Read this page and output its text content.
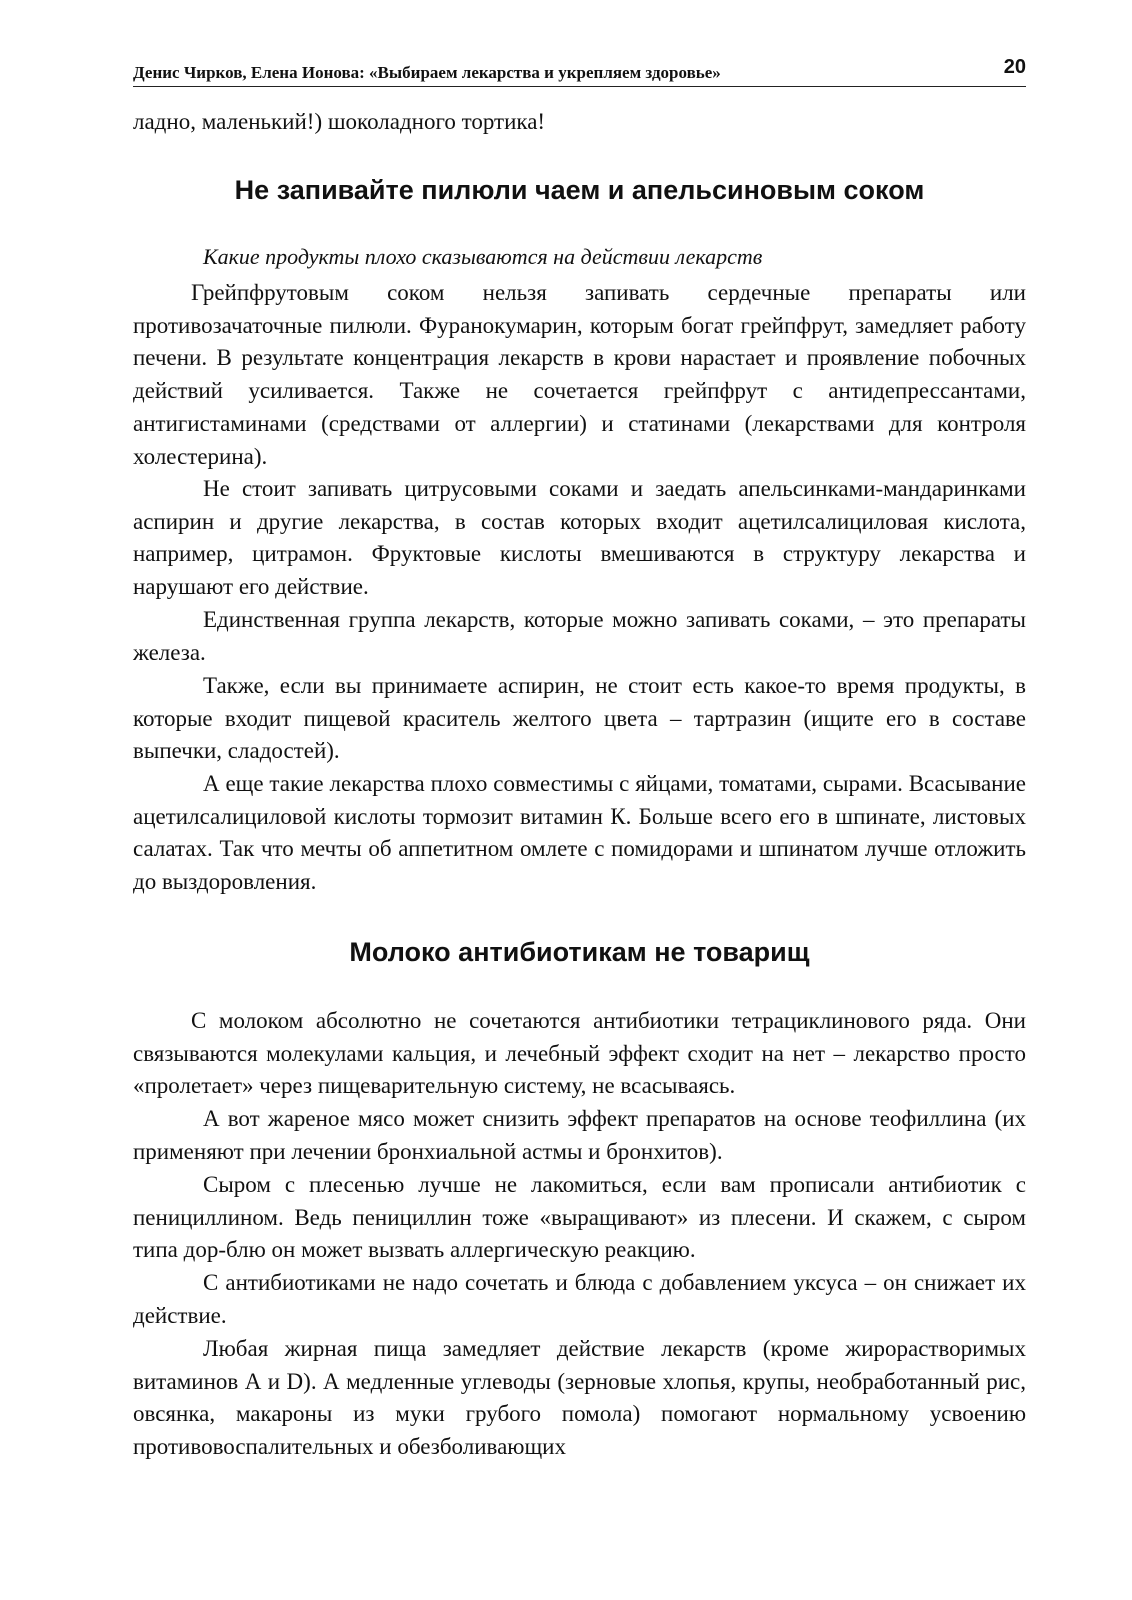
Денис Чирков, Елена Ионова: «Выбираем лекарства и укрепляем здоровье»	20

ладно, маленький!) шоколадного тортика!

Не запивайте пилюли чаем и апельсиновым соком

Какие продукты плохо сказываются на действии лекарств

Грейпфрутовым соком нельзя запивать сердечные препараты или противозачаточные пилюли. Фуранокумарин, которым богат грейпфрут, замедляет работу печени. В результате концентрация лекарств в крови нарастает и проявление побочных действий усиливается. Также не сочетается грейпфрут с антидепрессантами, антигистаминами (средствами от аллергии) и статинами (лекарствами для контроля холестерина).

Не стоит запивать цитрусовыми соками и заедать апельсинками-мандаринками аспирин и другие лекарства, в состав которых входит ацетилсалициловая кислота, например, цитрамон. Фруктовые кислоты вмешиваются в структуру лекарства и нарушают его действие.

Единственная группа лекарств, которые можно запивать соками, – это препараты железа.

Также, если вы принимаете аспирин, не стоит есть какое-то время продукты, в которые входит пищевой краситель желтого цвета – тартразин (ищите его в составе выпечки, сладостей).

А еще такие лекарства плохо совместимы с яйцами, томатами, сырами. Всасывание ацетилсалициловой кислоты тормозит витамин К. Больше всего его в шпинате, листовых салатах. Так что мечты об аппетитном омлете с помидорами и шпинатом лучше отложить до выздоровления.

Молоко антибиотикам не товарищ

С молоком абсолютно не сочетаются антибиотики тетрациклинового ряда. Они связываются молекулами кальция, и лечебный эффект сходит на нет – лекарство просто «пролетает» через пищеварительную систему, не всасываясь.

А вот жареное мясо может снизить эффект препаратов на основе теофиллина (их применяют при лечении бронхиальной астмы и бронхитов).

Сыром с плесенью лучше не лакомиться, если вам прописали антибиотик с пенициллином. Ведь пенициллин тоже «выращивают» из плесени. И скажем, с сыром типа дор-блю он может вызвать аллергическую реакцию.

С антибиотиками не надо сочетать и блюда с добавлением уксуса – он снижает их действие.

Любая жирная пища замедляет действие лекарств (кроме жирорастворимых витаминов А и D). А медленные углеводы (зерновые хлопья, крупы, необработанный рис, овсянка, макароны из муки грубого помола) помогают нормальному усвоению противовоспалительных и обезболивающих
